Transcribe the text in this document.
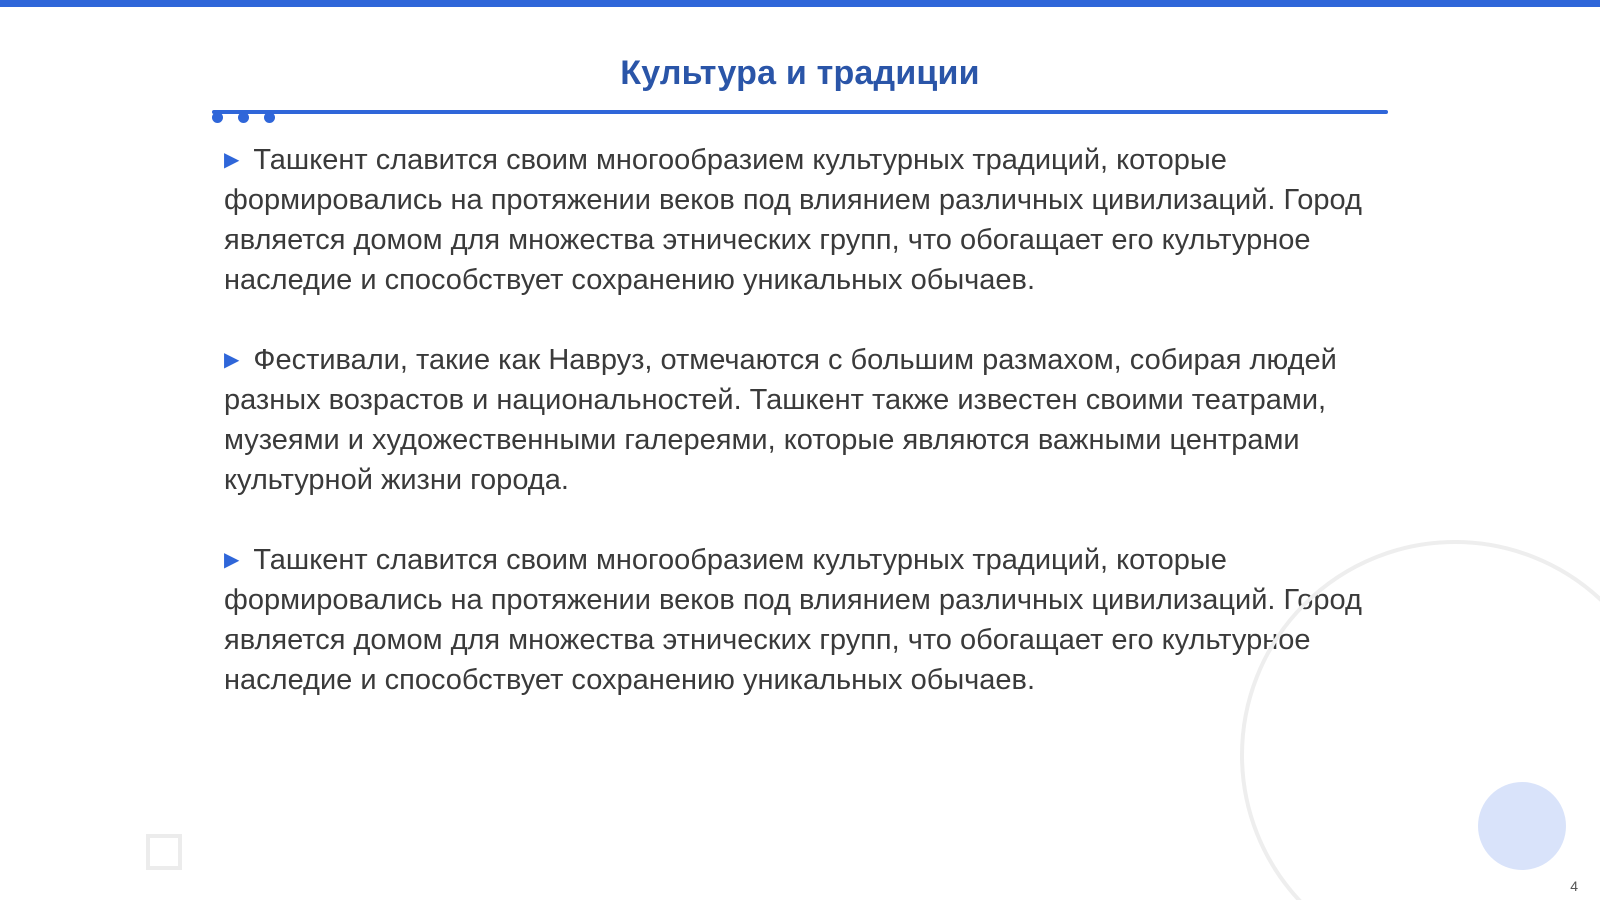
Культура и традиции

▶ Ташкент славится своим многообразием культурных традиций, которые формировались на протяжении веков под влиянием различных цивилизаций. Город является домом для множества этнических групп, что обогащает его культурное наследие и способствует сохранению уникальных обычаев.

▶ Фестивали, такие как Навруз, отмечаются с большим размахом, собирая людей разных возрастов и национальностей. Ташкент также известен своими театрами, музеями и художественными галереями, которые являются важными центрами культурной жизни города.

▶ Ташкент славится своим многообразием культурных традиций, которые формировались на протяжении веков под влиянием различных цивилизаций. Город является домом для множества этнических групп, что обогащает его культурное наследие и способствует сохранению уникальных обычаев.

4
